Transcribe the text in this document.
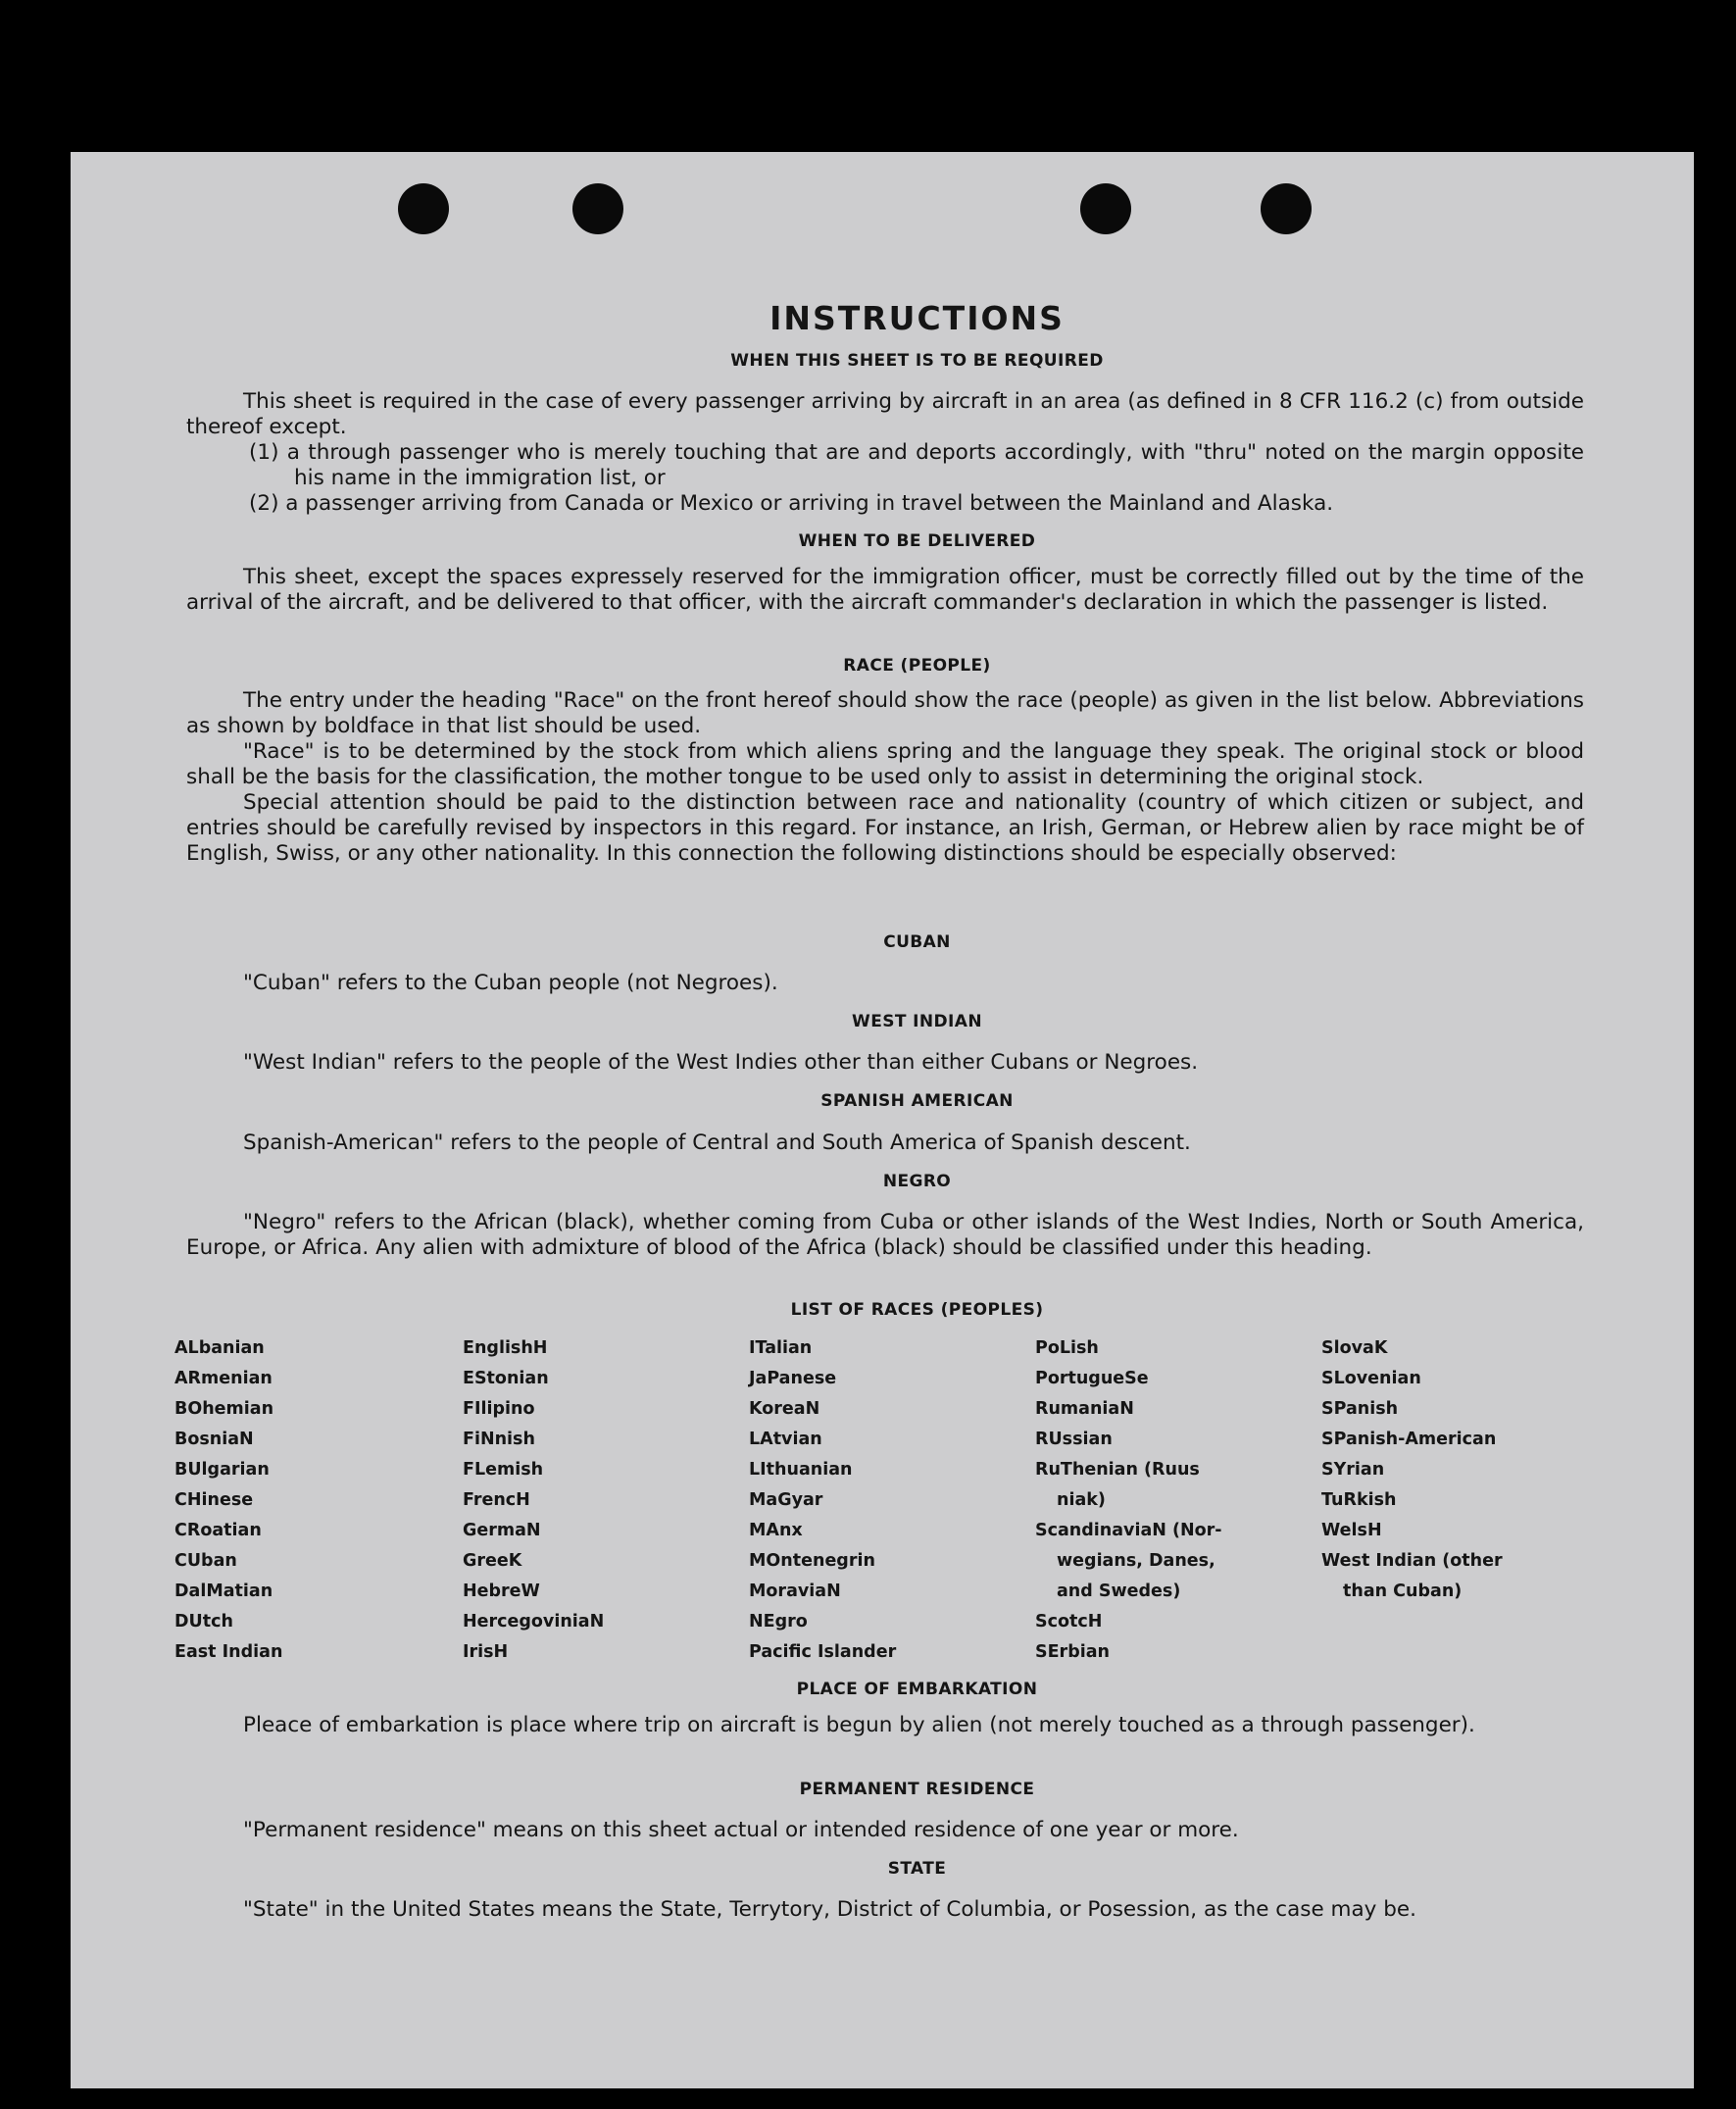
INSTRUCTIONS
WHEN THIS SHEET IS TO BE REQUIRED

This sheet is required in the case of every passenger arriving by aircraft in an area (as defined in 8 CFR 116.2 (c) from outside thereof except.

(1) a through passenger who is merely touching that are and deports accordingly, with "thru" noted on the margin opposite his name in the immigration list, or

(2) a passenger arriving from Canada or Mexico or arriving in travel between the Mainland and Alaska.

WHEN TO BE DELIVERED

This sheet, except the spaces expressely reserved for the immigration officer, must be correctly filled out by the time of the arrival of the aircraft, and be delivered to that officer, with the aircraft commander's declaration in which the passenger is listed.

RACE (PEOPLE)

The entry under the heading "Race" on the front hereof should show the race (people) as given in the list below. Abbreviations as shown by boldface in that list should be used.

"Race" is to be determined by the stock from which aliens spring and the language they speak. The original stock or blood shall be the basis for the classification, the mother tongue to be used only to assist in determining the original stock.

Special attention should be paid to the distinction between race and nationality (country of which citizen or subject, and entries should be carefully revised by inspectors in this regard. For instance, an Irish, German, or Hebrew alien by race might be of English, Swiss, or any other nationality. In this connection the following distinctions should be especially observed:

CUBAN

"Cuban" refers to the Cuban people (not Negroes).

WEST INDIAN

"West Indian" refers to the people of the West Indies other than either Cubans or Negroes.

SPANISH AMERICAN

Spanish-American" refers to the people of Central and South America of Spanish descent.

NEGRO

"Negro" refers to the African (black), whether coming from Cuba or other islands of the West Indies, North or South America, Europe, or Africa. Any alien with admixture of blood of the Africa (black) should be classified under this heading.

LIST OF RACES (PEOPLES)
ALbanian
ARmenian
BOhemian
BosniaN
BUlgarian
CHinese
CRoatian
CUban
DalMatian
DUtch
East Indian
EnglishH
EStonian
FIlipino
FiNnish
FLemish
FrencH
GermaN
GreeK
HebreW
HercegoviniaN
IrisH
ITalian
JaPanese
KoreaN
LAtvian
LIthuanian
MaGyar
MAnx
MOntenegrin
MoraviaN
NEgro
Pacific Islander
PoLish
PortugueSe
RumaniaN
RUssian
RuThenian (Ruus
niak)
ScandinaviaN (Nor-
wegians, Danes,
and Swedes)
ScotcH
SErbian
SlovaK
SLovenian
SPanish
SPanish-American
SYrian
TuRkish
WelsH
West Indian (other
than Cuban)
PLACE OF EMBARKATION

Pleace of embarkation is place where trip on aircraft is begun by alien (not merely touched as a through passenger).

PERMANENT RESIDENCE

"Permanent residence" means on this sheet actual or intended residence of one year or more.

STATE

"State" in the United States means the State, Terrytory, District of Columbia, or Posession, as the case may be.
